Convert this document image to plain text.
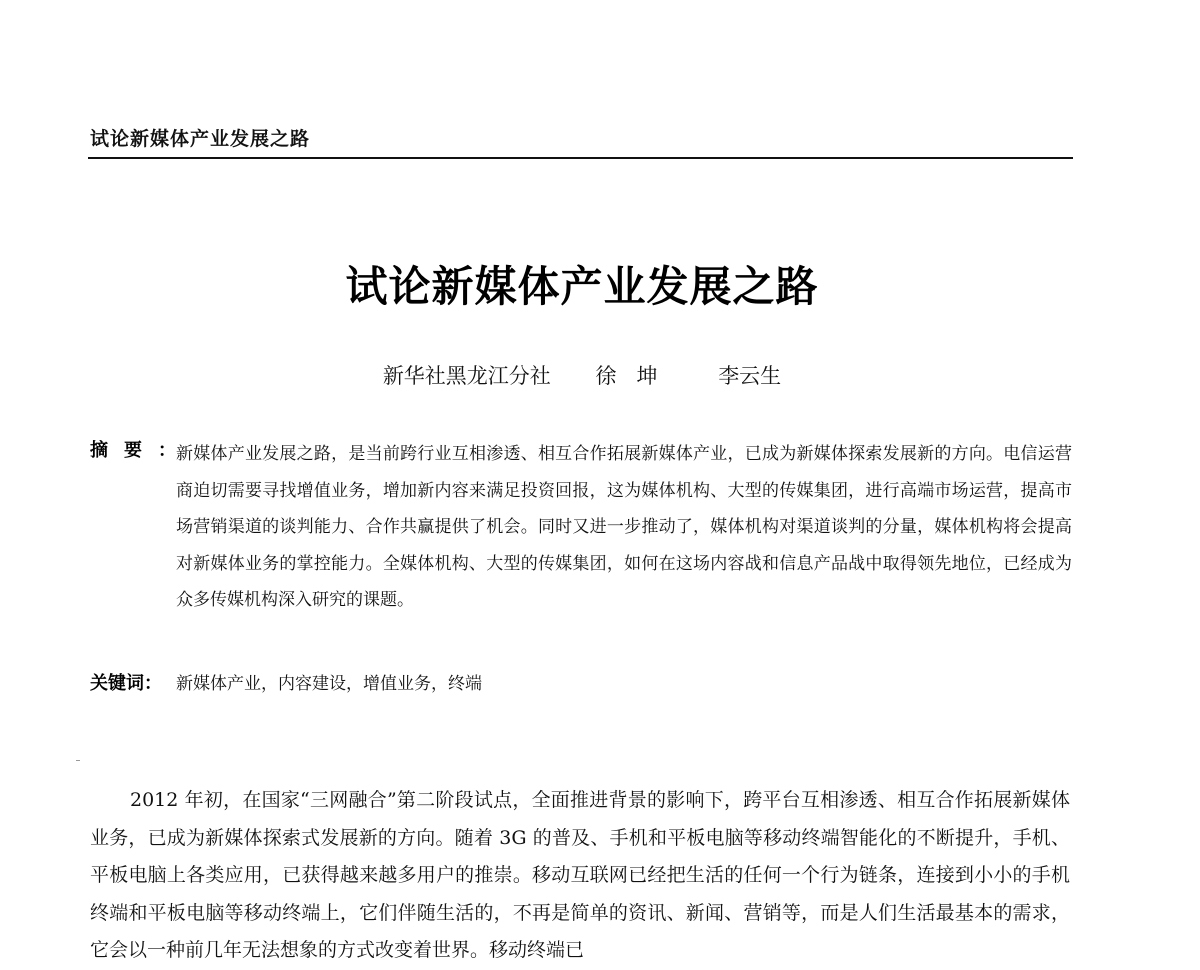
试论新媒体产业发展之路
试论新媒体产业发展之路
新华社黑龙江分社 徐坤 李云生
摘要：
新媒体产业发展之路，是当前跨行业互相渗透、相互合作拓展新媒体产业，已成为新媒体探索发展新的方向。电信运营商迫切需要寻找增值业务，增加新内容来满足投资回报，这为媒体机构、大型的传媒集团，进行高端市场运营，提高市场营销渠道的谈判能力、合作共赢提供了机会。同时又进一步推动了，媒体机构对渠道谈判的分量，媒体机构将会提高对新媒体业务的掌控能力。全媒体机构、大型的传媒集团，如何在这场内容战和信息产品战中取得领先地位，已经成为众多传媒机构深入研究的课题。
关键词： 新媒体产业，内容建设，增值业务，终端
2012 年初，在国家“三网融合”第二阶段试点，全面推进背景的影响下，跨平台互相渗透、相互合作拓展新媒体业务，已成为新媒体探索式发展新的方向。随着 3G 的普及、手机和平板电脑等移动终端智能化的不断提升，手机、平板电脑上各类应用，已获得越来越多用户的推崇。移动互联网已经把生活的任何一个行为链条，连接到小小的手机终端和平板电脑等移动终端上，它们伴随生活的，不再是简单的资讯、新闻、营销等，而是人们生活最基本的需求，它会以一种前几年无法想象的方式改变着世界。移动终端已
